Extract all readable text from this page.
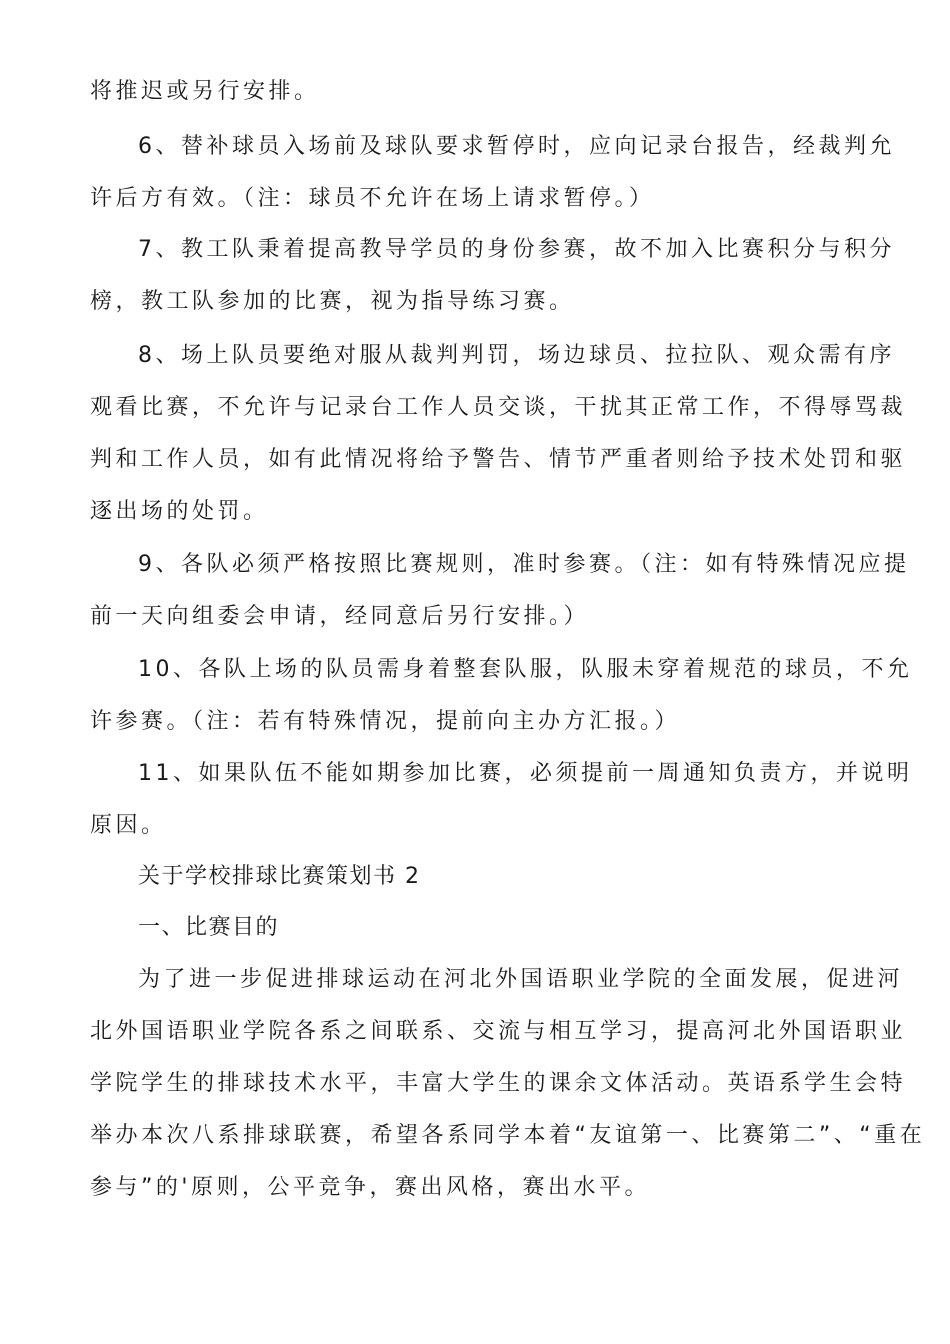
将推迟或另行安排。
6、替补球员入场前及球队要求暂停时，应向记录台报告，经裁判允
许后方有效。（注：球员不允许在场上请求暂停。）
7、教工队秉着提高教导学员的身份参赛，故不加入比赛积分与积分
榜，教工队参加的比赛，视为指导练习赛。
8、场上队员要绝对服从裁判判罚，场边球员、拉拉队、观众需有序
观看比赛，不允许与记录台工作人员交谈，干扰其正常工作，不得辱骂裁
判和工作人员，如有此情况将给予警告、情节严重者则给予技术处罚和驱
逐出场的处罚。
9、各队必须严格按照比赛规则，准时参赛。（注：如有特殊情况应提
前一天向组委会申请，经同意后另行安排。）
10、各队上场的队员需身着整套队服，队服未穿着规范的球员，不允
许参赛。（注：若有特殊情况，提前向主办方汇报。）
11、如果队伍不能如期参加比赛，必须提前一周通知负责方，并说明
原因。
关于学校排球比赛策划书 2
一、比赛目的
为了进一步促进排球运动在河北外国语职业学院的全面发展，促进河
北外国语职业学院各系之间联系、交流与相互学习，提高河北外国语职业
学院学生的排球技术水平，丰富大学生的课余文体活动。英语系学生会特
举办本次八系排球联赛，希望各系同学本着“友谊第一、比赛第二”、“重在
参与”的'原则，公平竞争，赛出风格，赛出水平。
